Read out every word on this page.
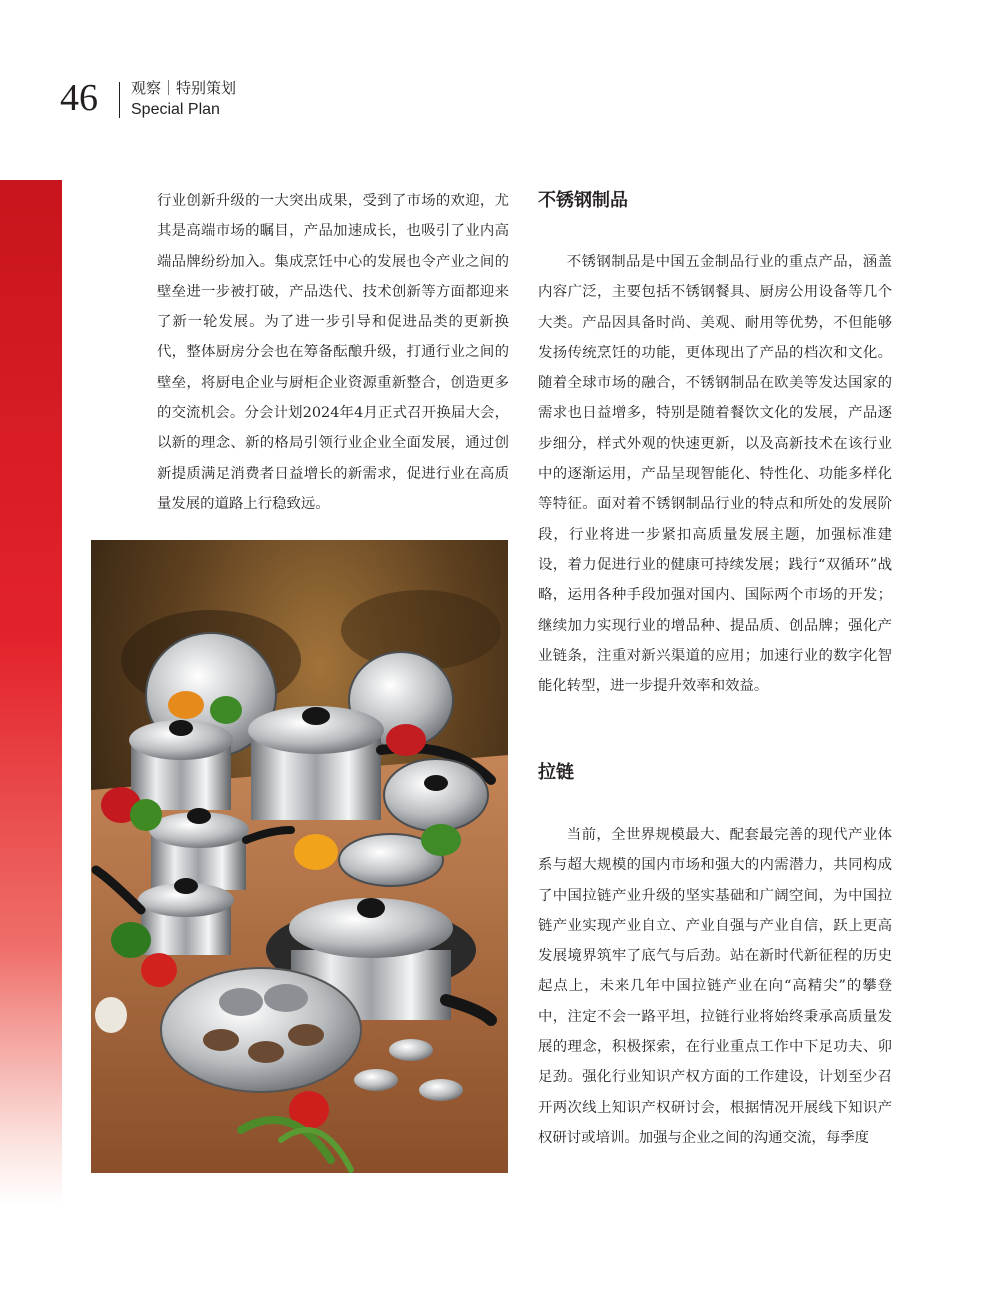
46 观察｜特别策划
Special Plan

行业创新升级的一大突出成果，受到了市场的欢迎，尤其是高端市场的瞩目，产品加速成长，也吸引了业内高端品牌纷纷加入。集成烹饪中心的发展也令产业之间的壁垒进一步被打破，产品迭代、技术创新等方面都迎来了新一轮发展。为了进一步引导和促进品类的更新换代，整体厨房分会也在筹备酝酿升级，打通行业之间的壁垒，将厨电企业与厨柜企业资源重新整合，创造更多的交流机会。分会计划2024年4月正式召开换届大会，以新的理念、新的格局引领行业企业全面发展，通过创新提质满足消费者日益增长的新需求，促进行业在高质量发展的道路上行稳致远。

不锈钢制品

不锈钢制品是中国五金制品行业的重点产品，涵盖内容广泛，主要包括不锈钢餐具、厨房公用设备等几个大类。产品因具备时尚、美观、耐用等优势，不但能够发扬传统烹饪的功能，更体现出了产品的档次和文化。随着全球市场的融合，不锈钢制品在欧美等发达国家的需求也日益增多，特别是随着餐饮文化的发展，产品逐步细分，样式外观的快速更新，以及高新技术在该行业中的逐渐运用，产品呈现智能化、特性化、功能多样化等特征。面对着不锈钢制品行业的特点和所处的发展阶段，行业将进一步紧扣高质量发展主题，加强标准建设，着力促进行业的健康可持续发展；践行“双循环”战略，运用各种手段加强对国内、国际两个市场的开发；继续加力实现行业的增品种、提品质、创品牌；强化产业链条，注重对新兴渠道的应用；加速行业的数字化智能化转型，进一步提升效率和效益。

拉链

当前，全世界规模最大、配套最完善的现代产业体系与超大规模的国内市场和强大的内需潜力，共同构成了中国拉链产业升级的坚实基础和广阔空间，为中国拉链产业实现产业自立、产业自强与产业自信，跃上更高发展境界筑牢了底气与后劲。站在新时代新征程的历史起点上，未来几年中国拉链产业在向“高精尖”的攀登中，注定不会一路平坦，拉链行业将始终秉承高质量发展的理念，积极探索，在行业重点工作中下足功夫、卯足劲。强化行业知识产权方面的工作建设，计划至少召开两次线上知识产权研讨会，根据情况开展线下知识产权研讨或培训。加强与企业之间的沟通交流，每季度
